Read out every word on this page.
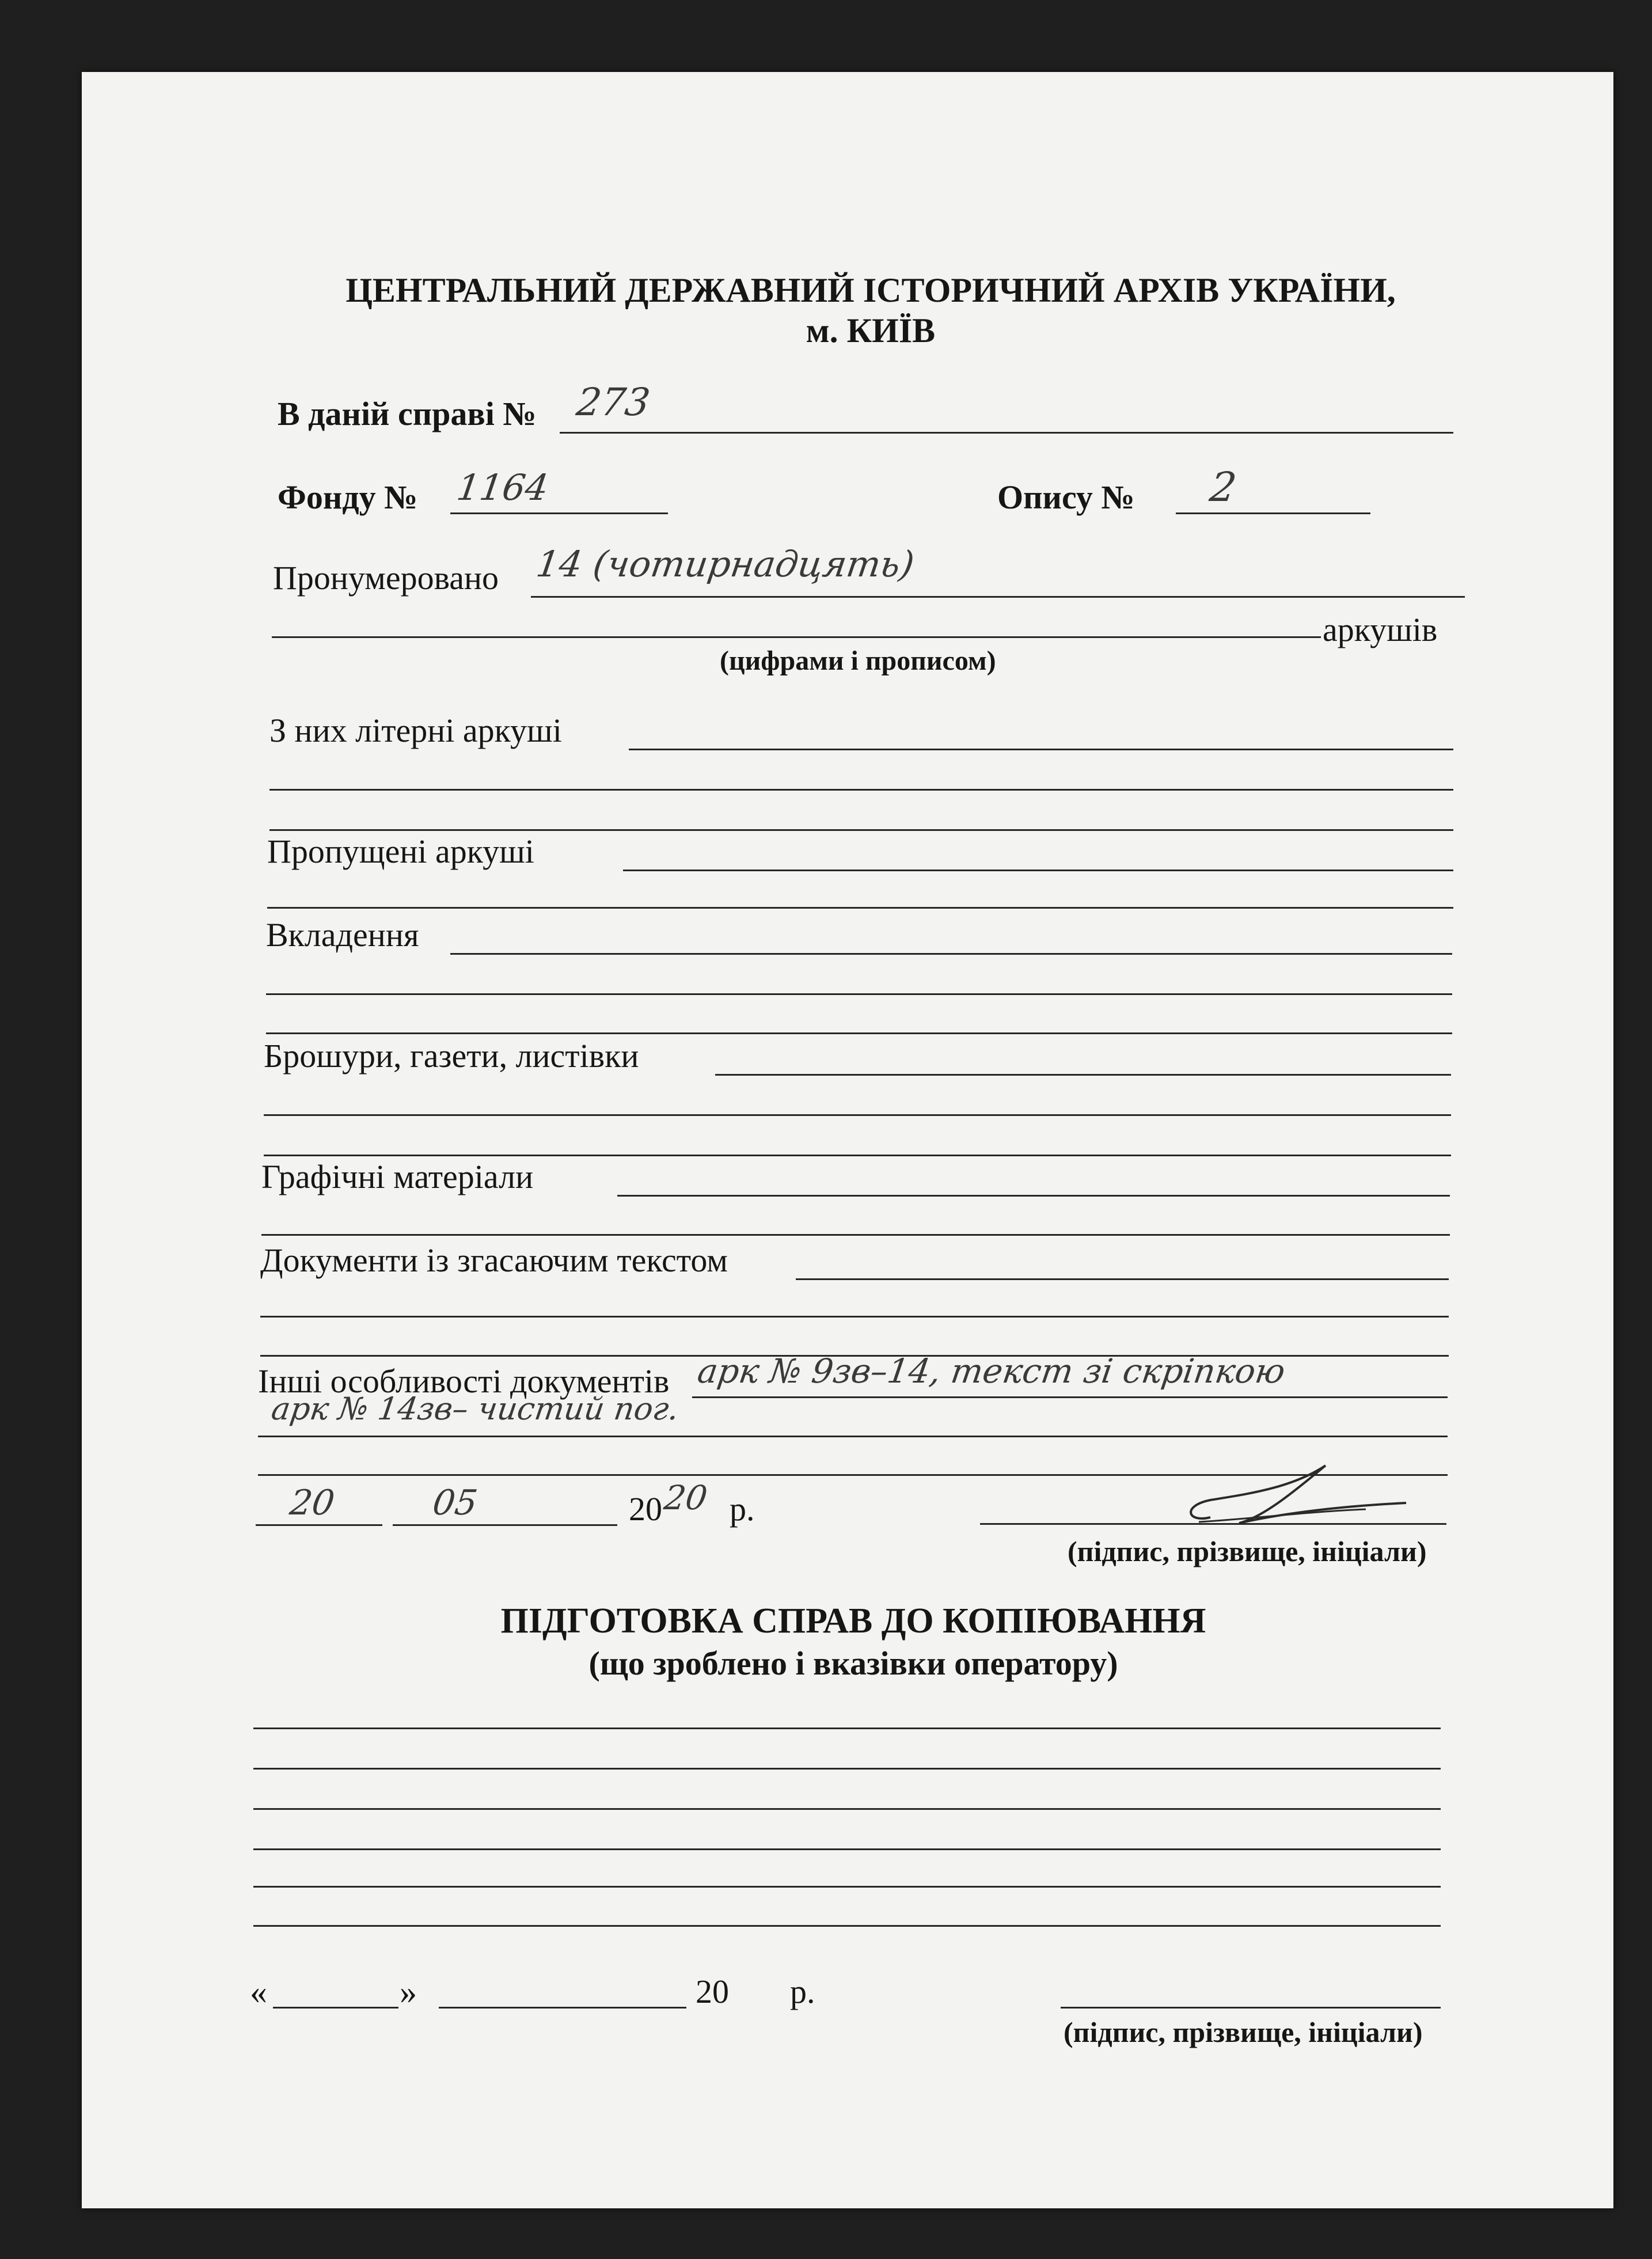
ЦЕНТРАЛЬНИЙ ДЕРЖАВНИЙ ІСТОРИЧНИЙ АРХІВ УКРАЇНИ,
м. КИЇВ
В даній справі № 273
Фонду № 1164	Опису № 2
Пронумеровано 14 (чотирнадцять)
аркушів
(цифрами і прописом)
З них літерні аркуші
Пропущені аркуші
Вкладення
Брошури, газети, листівки
Графічні матеріали
Документи із згасаючим текстом
Інші особливості документів арк № 9зв–14, текст зі скріпкою
арк № 14зв– чистий пог.
20	05	20 20 р.
(підпис, прізвище, ініціали)
ПІДГОТОВКА СПРАВ ДО КОПІЮВАННЯ
(що зроблено і вказівки оператору)
«	»	20 р.
(підпис, прізвище, ініціали)
